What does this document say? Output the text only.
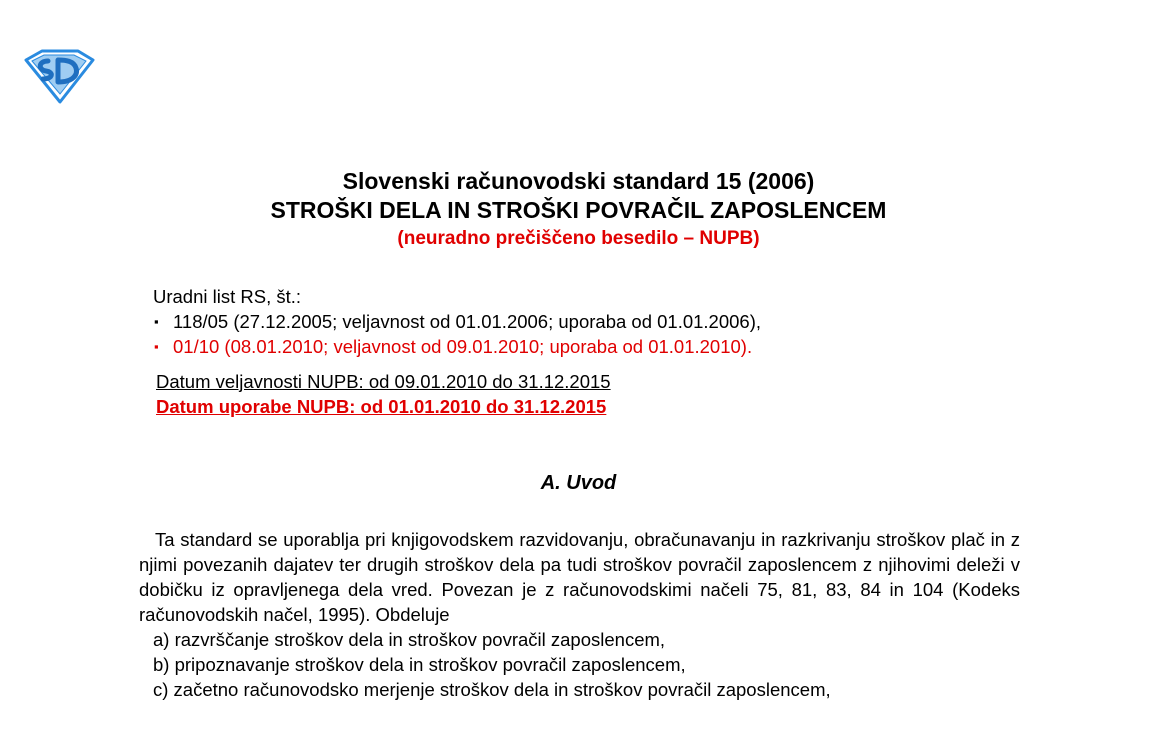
Slovenski računovodski standard 15 (2006)
STROŠKI DELA IN STROŠKI POVRAČIL ZAPOSLENCEM
(neuradno prečiščeno besedilo – NUPB)
Uradni list RS, št.:
▪ 118/05 (27.12.2005; veljavnost od 01.01.2006; uporaba od 01.01.2006),
▪ 01/10 (08.01.2010; veljavnost od 09.01.2010; uporaba od 01.01.2010).
Datum veljavnosti NUPB: od 09.01.2010 do 31.12.2015
Datum uporabe NUPB: od 01.01.2010 do 31.12.2015
A. Uvod

Ta standard se uporablja pri knjigovodskem razvidovanju, obračunavanju in razkrivanju stroškov plač in z njimi povezanih dajatev ter drugih stroškov dela pa tudi stroškov povračil zaposlencem z njihovimi deleži v dobičku iz opravljenega dela vred. Povezan je z računovodskimi načeli 75, 81, 83, 84 in 104 (Kodeks računovodskih načel, 1995). Obdeluje

a) razvrščanje stroškov dela in stroškov povračil zaposlencem,
b) pripoznavanje stroškov dela in stroškov povračil zaposlencem,
c) začetno računovodsko merjenje stroškov dela in stroškov povračil zaposlencem,
